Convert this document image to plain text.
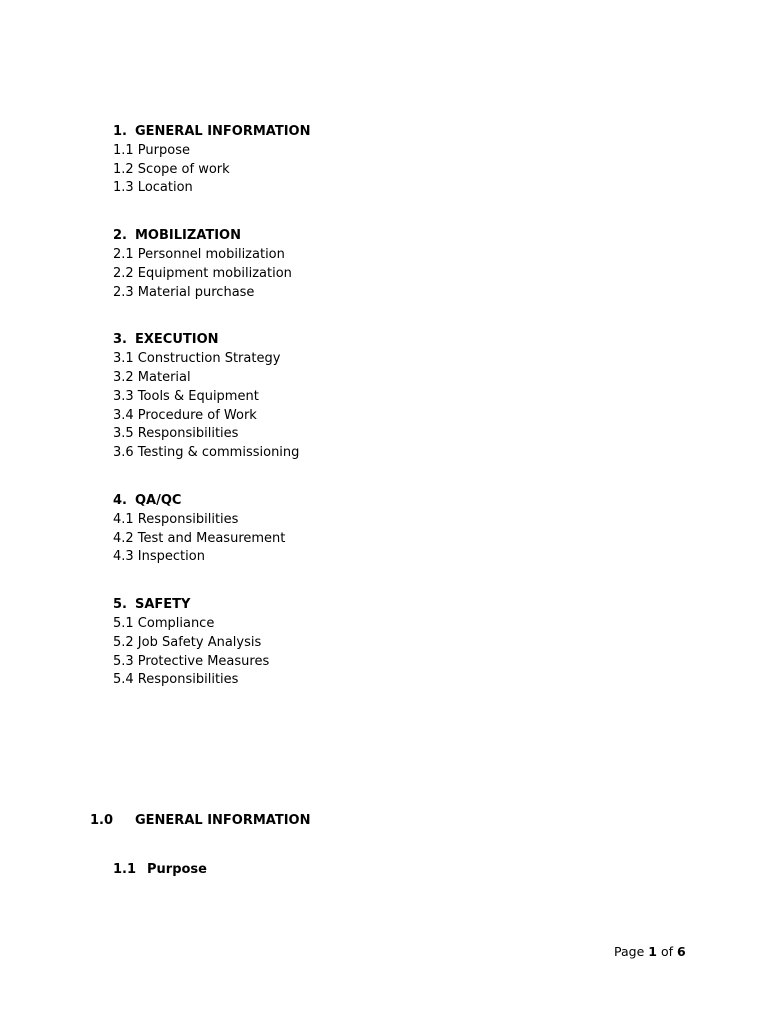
1. GENERAL INFORMATION
1.1 Purpose
1.2 Scope of work
1.3 Location
2. MOBILIZATION
2.1 Personnel mobilization
2.2 Equipment mobilization
2.3 Material purchase
3. EXECUTION
3.1 Construction Strategy
3.2 Material
3.3 Tools & Equipment
3.4 Procedure of Work
3.5 Responsibilities
3.6 Testing & commissioning
4. QA/QC
4.1 Responsibilities
4.2 Test and Measurement
4.3 Inspection
5. SAFETY
5.1 Compliance
5.2 Job Safety Analysis
5.3 Protective Measures
5.4 Responsibilities
1.0 GENERAL INFORMATION
1.1 Purpose
Page 1 of 6
